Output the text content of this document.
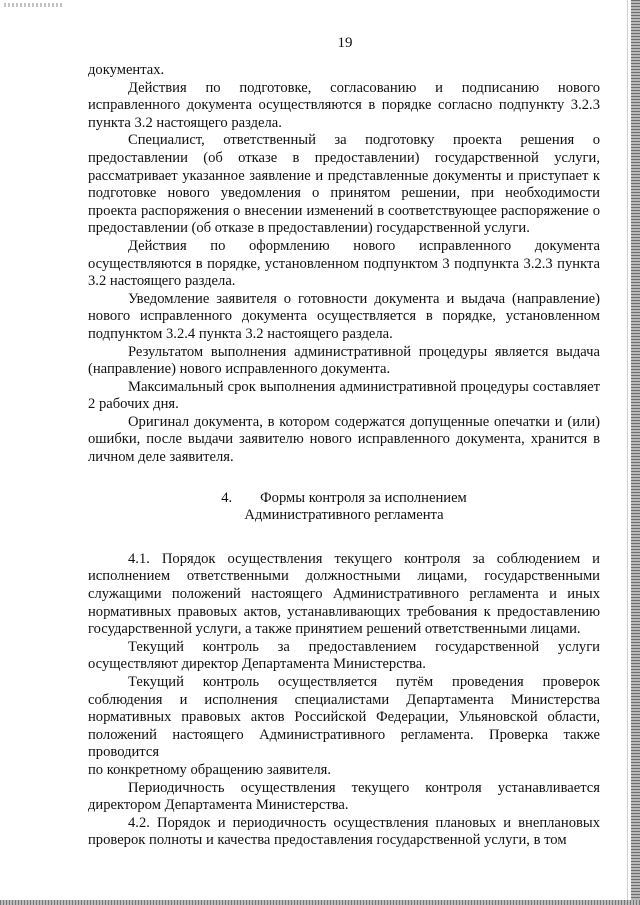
19

документах.

Действия по подготовке, согласованию и подписанию нового исправленного документа осуществляются в порядке согласно подпункту 3.2.3 пункта 3.2 настоящего раздела.

Специалист, ответственный за подготовку проекта решения о предоставлении (об отказе в предоставлении) государственной услуги, рассматривает указанное заявление и представленные документы и приступает к подготовке нового уведомления о принятом решении, при необходимости проекта распоряжения о внесении изменений в соответствующее распоряжение о предоставлении (об отказе в предоставлении) государственной услуги.

Действия по оформлению нового исправленного документа осуществляются в порядке, установленном подпунктом 3 подпункта 3.2.3 пункта 3.2 настоящего раздела.

Уведомление заявителя о готовности документа и выдача (направление) нового исправленного документа осуществляется в порядке, установленном подпунктом 3.2.4 пункта 3.2 настоящего раздела.

Результатом выполнения административной процедуры является выдача (направление) нового исправленного документа.

Максимальный срок выполнения административной процедуры составляет 2 рабочих дня.

Оригинал документа, в котором содержатся допущенные опечатки и (или) ошибки, после выдачи заявителю нового исправленного документа, хранится в личном деле заявителя.

4. Формы контроля за исполнением

Административного регламента

4.1. Порядок осуществления текущего контроля за соблюдением и исполнением ответственными должностными лицами, государственными служащими положений настоящего Административного регламента и иных нормативных правовых актов, устанавливающих требования к предоставлению государственной услуги, а также принятием решений ответственными лицами.

Текущий контроль за предоставлением государственной услуги осуществляют директор Департамента Министерства.

Текущий контроль осуществляется путём проведения проверок соблюдения и исполнения специалистами Департамента Министерства нормативных правовых актов Российской Федерации, Ульяновской области, положений настоящего Административного регламента. Проверка также проводится

по конкретному обращению заявителя.

Периодичность осуществления текущего контроля устанавливается директором Департамента Министерства.

4.2. Порядок и периодичность осуществления плановых и внеплановых проверок полноты и качества предоставления государственной услуги, в том
